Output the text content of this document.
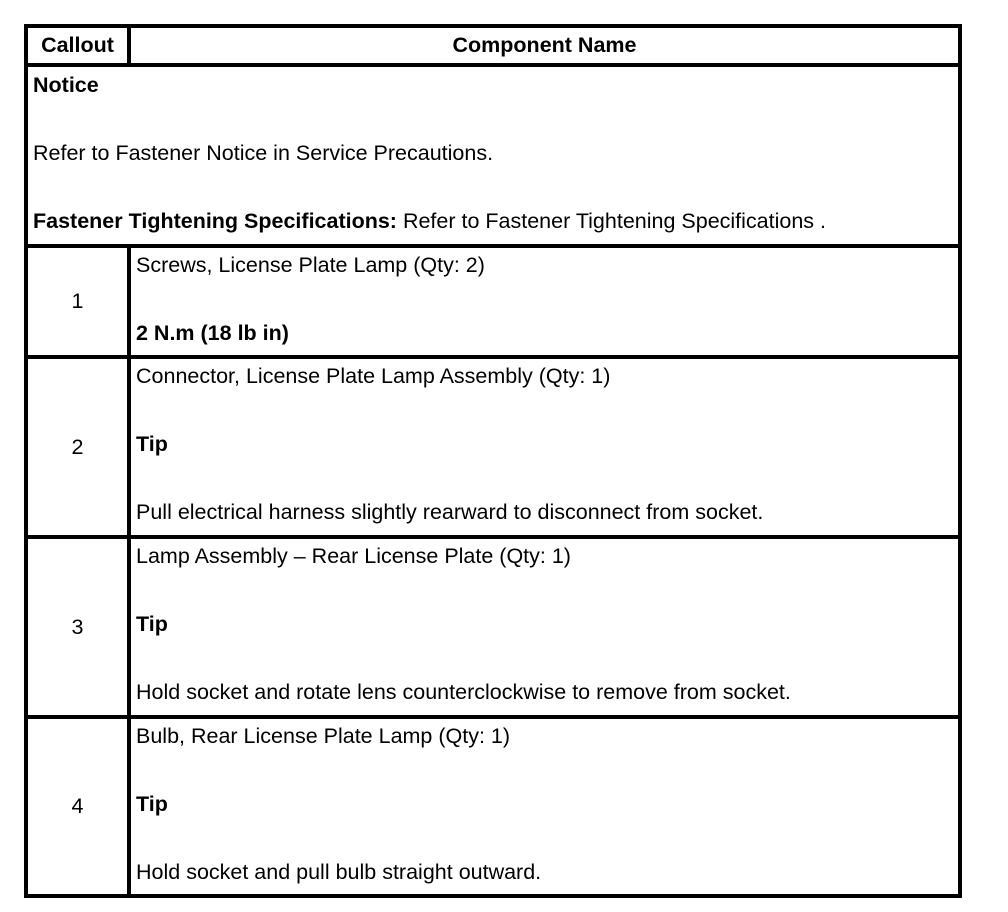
Callout	Component Name

Notice

Refer to Fastener Notice in Service Precautions.

Fastener Tightening Specifications: Refer to Fastener Tightening Specifications .	

1	Screws, License Plate Lamp (Qty: 2)

2 N.m (18 lb in)

2	Connector, License Plate Lamp Assembly (Qty: 1)

Tip

Pull electrical harness slightly rearward to disconnect from socket.

3	Lamp Assembly – Rear License Plate (Qty: 1)

Tip

Hold socket and rotate lens counterclockwise to remove from socket.

4	Bulb, Rear License Plate Lamp (Qty: 1)

Tip

Hold socket and pull bulb straight outward.
